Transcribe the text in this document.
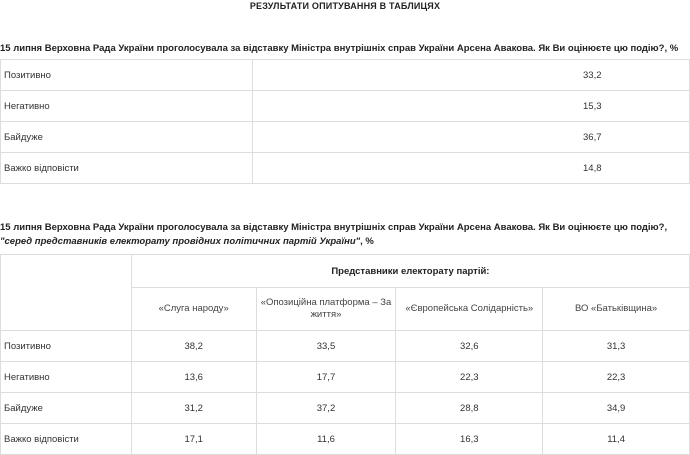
РЕЗУЛЬТАТИ ОПИТУВАННЯ В ТАБЛИЦЯХ
15 липня Верховна Рада України проголосувала за відставку Міністра внутрішніх справ України Арсена Авакова. Як Ви оцінюєте цю подію?, %
Позитивно	33,2
Негативно	15,3
Байдуже	36,7
Важко відповісти	14,8
15 липня Верховна Рада України проголосувала за відставку Міністра внутрішніх справ України Арсена Авакова. Як Ви оцінюєте цю подію?,
"серед представників електорату провідних політичних партій України", %
	Представники електорату партій:			
	«Слуга народу»	«Опозиційна платформа – За життя»	«Європейська Солідарність»	ВО «Батьківщина»
Позитивно	38,2	33,5	32,6	31,3
Негативно	13,6	17,7	22,3	22,3
Байдуже	31,2	37,2	28,8	34,9
Важко відповісти	17,1	11,6	16,3	11,4
